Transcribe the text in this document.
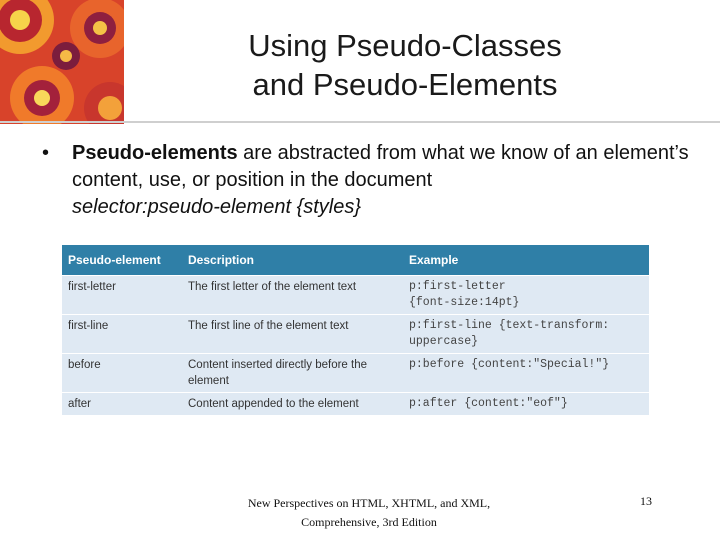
Using Pseudo-Classes
and Pseudo-Elements
• Pseudo-elements are abstracted from what we know of an element’s content, use, or position in the document
selector:pseudo-element {styles}
Pseudo-element	Description	Example
first-letter	The first letter of the element text	p:first-letter
{font-size:14pt}
first-line	The first line of the element text	p:first-line {text-transform:
uppercase}
before	Content inserted directly before the element	p:before {content:"Special!"}
after	Content appended to the element	p:after {content:"eof"}
New Perspectives on HTML, XHTML, and XML,
Comprehensive, 3rd Edition
13
